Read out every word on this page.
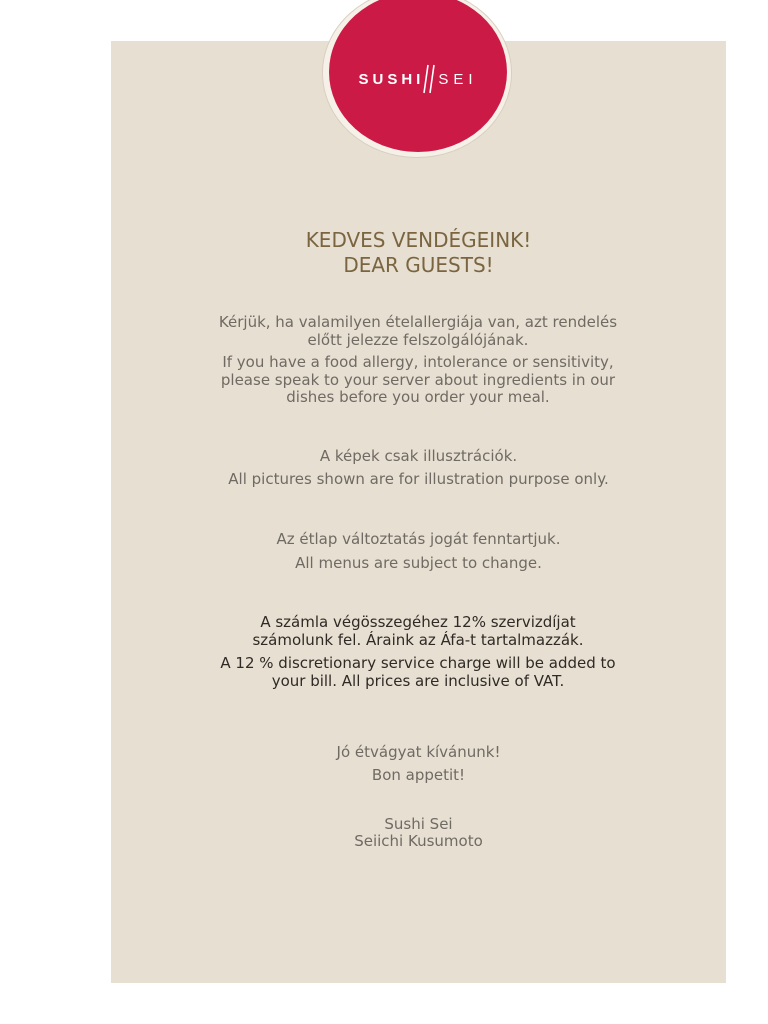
SUSHI SEI
KEDVES VENDÉGEINK!
DEAR GUESTS!
Kérjük, ha valamilyen ételallergiája van, azt rendelés előtt jelezze felszolgálójának.
If you have a food allergy, intolerance or sensitivity, please speak to your server about ingredients in our dishes before you order your meal.
A képek csak illusztrációk.
All pictures shown are for illustration purpose only.
Az étlap változtatás jogát fenntartjuk.
All menus are subject to change.
A számla végösszegéhez 12% szervizdíjat számolunk fel. Áraink az Áfa-t tartalmazzák.
A 12 % discretionary service charge will be added to your bill. All prices are inclusive of VAT.
Jó étvágyat kívánunk!
Bon appetit!
Sushi Sei
Seiichi Kusumoto
